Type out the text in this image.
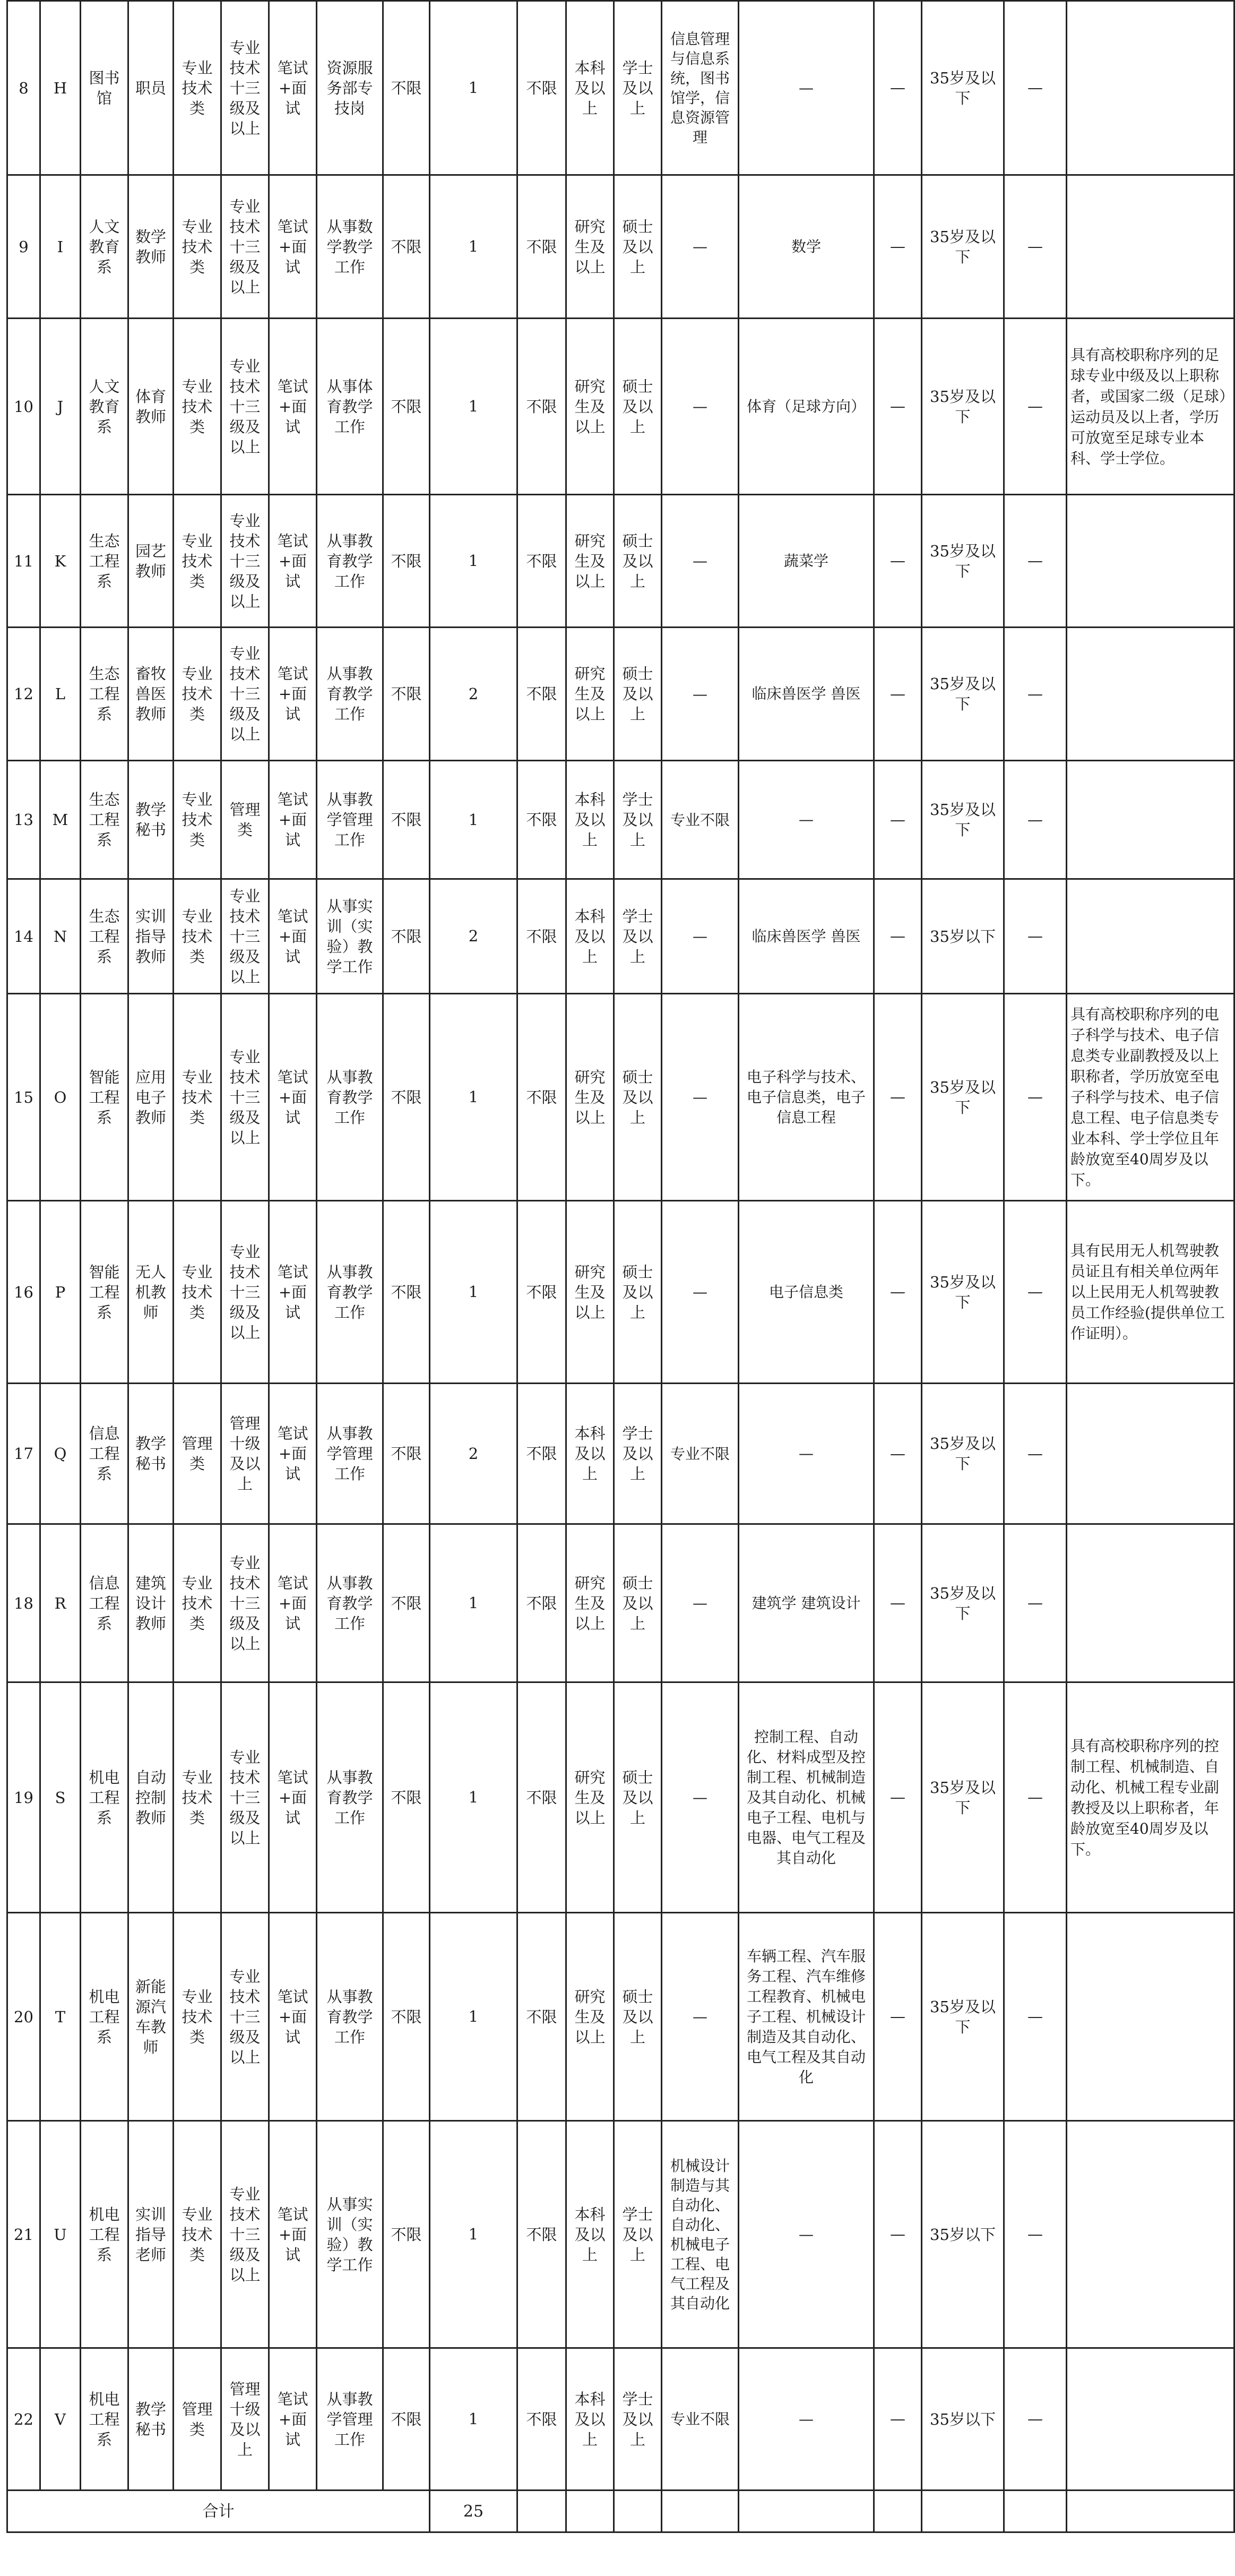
8	H	图书馆	职员	专业技术类	专业技术十三级及以上	笔试+面试	资源服务部专技岗	不限	1	不限	本科及以上	学士及以上	信息管理与信息系统，图书馆学，信息资源管理	—	—	35岁及以下	—	
9	I	人文教育系	数学教师	专业技术类	专业技术十三级及以上	笔试+面试	从事数学教学工作	不限	1	不限	研究生及以上	硕士及以上	—	数学	—	35岁及以下	—	
10	J	人文教育系	体育教师	专业技术类	专业技术十三级及以上	笔试+面试	从事体育教学工作	不限	1	不限	研究生及以上	硕士及以上	—	体育（足球方向）	—	35岁及以下	—	具有高校职称序列的足球专业中级及以上职称者，或国家二级（足球）运动员及以上者，学历可放宽至足球专业本科、学士学位。
11	K	生态工程系	园艺教师	专业技术类	专业技术十三级及以上	笔试+面试	从事教育教学工作	不限	1	不限	研究生及以上	硕士及以上	—	蔬菜学	—	35岁及以下	—	
12	L	生态工程系	畜牧兽医教师	专业技术类	专业技术十三级及以上	笔试+面试	从事教育教学工作	不限	2	不限	研究生及以上	硕士及以上	—	临床兽医学 兽医	—	35岁及以下	—	
13	M	生态工程系	教学秘书	专业技术类	管理类	笔试+面试	从事教学管理工作	不限	1	不限	本科及以上	学士及以上	专业不限	—	—	35岁及以下	—	
14	N	生态工程系	实训指导教师	专业技术类	专业技术十三级及以上	笔试+面试	从事实训（实验）教学工作	不限	2	不限	本科及以上	学士及以上	—	临床兽医学 兽医	—	35岁以下	—	
15	O	智能工程系	应用电子教师	专业技术类	专业技术十三级及以上	笔试+面试	从事教育教学工作	不限	1	不限	研究生及以上	硕士及以上	—	电子科学与技术、电子信息类，电子信息工程	—	35岁及以下	—	具有高校职称序列的电子科学与技术、电子信息类专业副教授及以上职称者，学历放宽至电子科学与技术、电子信息工程、电子信息类专业本科、学士学位且年龄放宽至40周岁及以下。
16	P	智能工程系	无人机教师	专业技术类	专业技术十三级及以上	笔试+面试	从事教育教学工作	不限	1	不限	研究生及以上	硕士及以上	—	电子信息类	—	35岁及以下	—	具有民用无人机驾驶教员证且有相关单位两年以上民用无人机驾驶教员工作经验(提供单位工作证明）。
17	Q	信息工程系	教学秘书	管理类	管理十级及以上	笔试+面试	从事教学管理工作	不限	2	不限	本科及以上	学士及以上	专业不限	—	—	35岁及以下	—	
18	R	信息工程系	建筑设计教师	专业技术类	专业技术十三级及以上	笔试+面试	从事教育教学工作	不限	1	不限	研究生及以上	硕士及以上	—	建筑学 建筑设计	—	35岁及以下	—	
19	S	机电工程系	自动控制教师	专业技术类	专业技术十三级及以上	笔试+面试	从事教育教学工作	不限	1	不限	研究生及以上	硕士及以上	—	控制工程、自动化、材料成型及控制工程、机械制造及其自动化、机械电子工程、电机与电器、电气工程及其自动化	—	35岁及以下	—	具有高校职称序列的控制工程、机械制造、自动化、机械工程专业副教授及以上职称者，年龄放宽至40周岁及以下。
20	T	机电工程系	新能源汽车教师	专业技术类	专业技术十三级及以上	笔试+面试	从事教育教学工作	不限	1	不限	研究生及以上	硕士及以上	—	车辆工程、汽车服务工程、汽车维修工程教育、机械电子工程、机械设计制造及其自动化、电气工程及其自动化	—	35岁及以下	—	
21	U	机电工程系	实训指导老师	专业技术类	专业技术十三级及以上	笔试+面试	从事实训（实验）教学工作	不限	1	不限	本科及以上	学士及以上	机械设计制造与其自动化、自动化、机械电子工程、电气工程及其自动化	—	—	35岁以下	—	
22	V	机电工程系	教学秘书	管理类	管理十级及以上	笔试+面试	从事教学管理工作	不限	1	不限	本科及以上	学士及以上	专业不限	—	—	35岁以下	—	
合计									25									
